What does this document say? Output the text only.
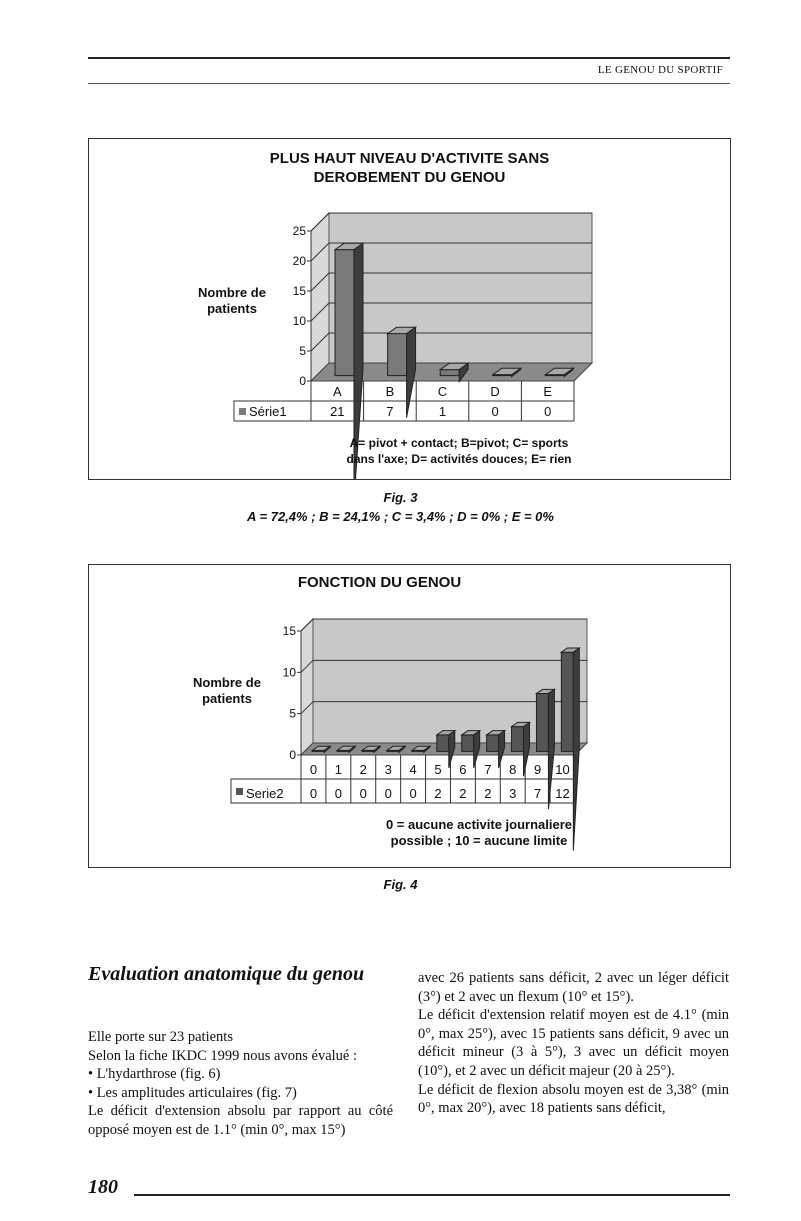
LE GENOU DU SPORTIF
PLUS HAUT NIVEAU D'ACTIVITE SANS
DEROBEMENT DU GENOU
Nombre de
patients
0
5
10
15
20
25
A
21
B
7
C
1
D
0
E
0
Série1
A= pivot + contact; B=pivot; C= sports
dans l'axe; D= activités douces; E= rien
Fig. 3
A = 72,4% ; B = 24,1% ; C = 3,4% ; D = 0% ; E = 0%
FONCTION DU GENOU
Nombre de
patients
0
5
10
15
0
0
1
0
2
0
3
0
4
0
5
2
6
2
7
2
8
3
9
7
10
12
Serie2
0 = aucune activite journaliere
possible ; 10 = aucune limite
Fig. 4
Evaluation anatomique du genou

Elle porte sur 23 patients

Selon la fiche IKDC 1999 nous avons évalué :

• L'hydarthrose (fig. 6)

• Les amplitudes articulaires (fig. 7)

Le déficit d'extension absolu par rapport au côté opposé moyen est de 1.1° (min 0°, max 15°)

avec 26 patients sans déficit, 2 avec un léger déficit (3°) et 2 avec un flexum (10° et 15°).

Le déficit d'extension relatif moyen est de 4.1° (min 0°, max 25°), avec 15 patients sans déficit, 9 avec un déficit mineur (3 à 5°), 3 avec un déficit moyen (10°), et 2 avec un déficit majeur (20 à 25°).

Le déficit de flexion absolu moyen est de 3,38° (min 0°, max 20°), avec 18 patients sans déficit,

180
